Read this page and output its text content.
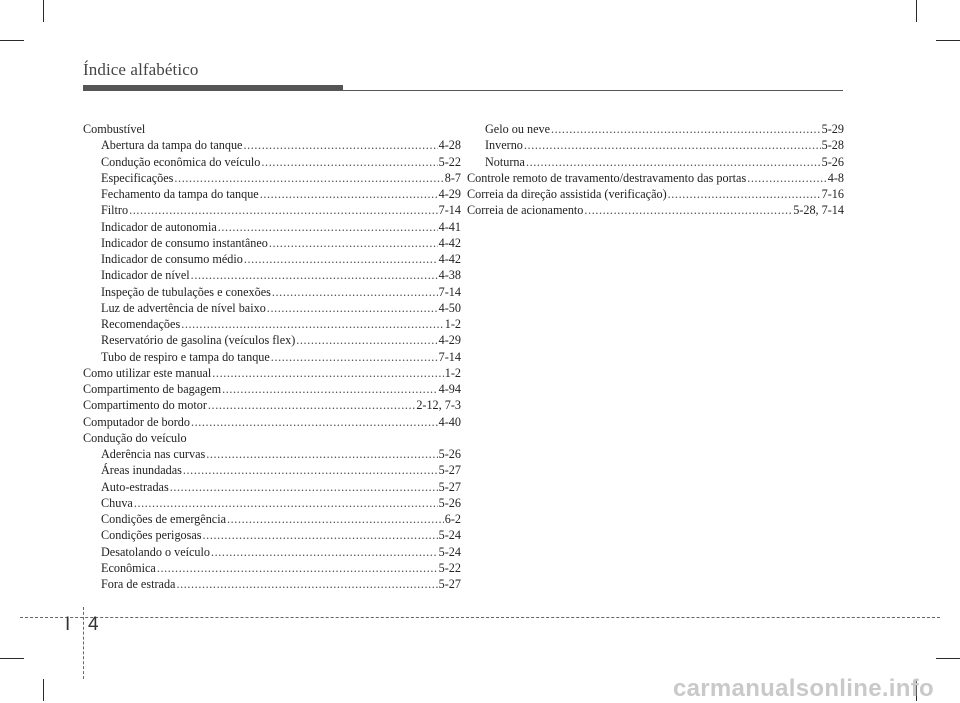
Índice alfabético
Combustível
Abertura da tampa do tanque .....	4-28
Condução econômica do veículo .....	5-22
Especificações .....	8-7
Fechamento da tampa do tanque .....	4-29
Filtro .....	7-14
Indicador de autonomia .....	4-41
Indicador de consumo instantâneo .....	4-42
Indicador de consumo médio .....	4-42
Indicador de nível .....	4-38
Inspeção de tubulações e conexões .....	7-14
Luz de advertência de nível baixo .....	4-50
Recomendações .....	1-2
Reservatório de gasolina (veículos flex) .....	4-29
Tubo de respiro e tampa do tanque .....	7-14
Como utilizar este manual .....	1-2
Compartimento de bagagem .....	4-94
Compartimento do motor .....	2-12, 7-3
Computador de bordo .....	4-40
Condução do veículo
Aderência nas curvas .....	5-26
Áreas inundadas .....	5-27
Auto-estradas .....	5-27
Chuva .....	5-26
Condições de emergência .....	6-2
Condições perigosas .....	5-24
Desatolando o veículo .....	5-24
Econômica .....	5-22
Fora de estrada .....	5-27
Gelo ou neve .....	5-29
Inverno .....	5-28
Noturna .....	5-26
Controle remoto de travamento/destravamento das portas .....	4-8
Correia da direção assistida (verificação) .....	7-16
Correia de acionamento .....	5-28, 7-14
I 4
carmanualsonline.info
